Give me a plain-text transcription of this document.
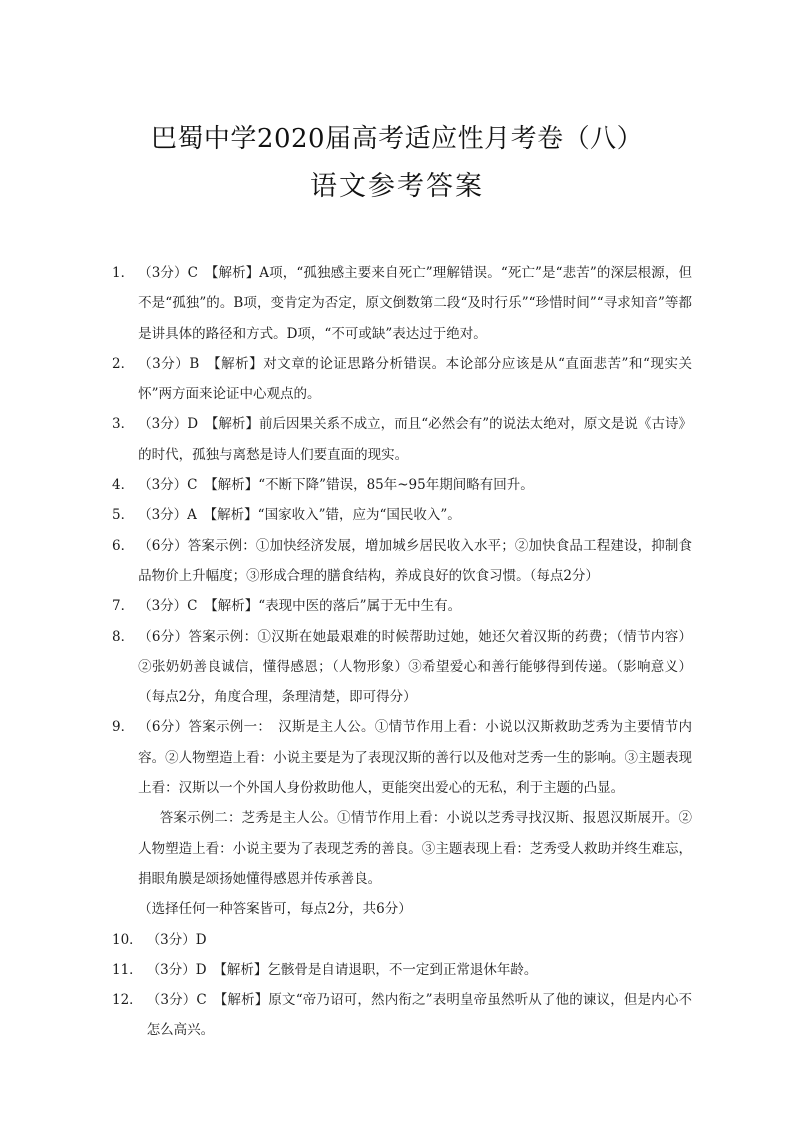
巴蜀中学2020届高考适应性月考卷（八）
语文参考答案
1． （3分）C　【解析】A项，“孤独感主要来自死亡”理解错误。“死亡”是“悲苦”的深层根源，但不是“孤独”的。B项，变肯定为否定，原文倒数第二段“及时行乐”“珍惜时间”“寻求知音”等都是讲具体的路径和方式。D项，“不可或缺”表达过于绝对。

2． （3分）B　【解析】对文章的论证思路分析错误。本论部分应该是从“直面悲苦”和“现实关怀”两方面来论证中心观点的。

3． （3分）D　【解析】前后因果关系不成立，而且“必然会有”的说法太绝对，原文是说《古诗》的时代，孤独与离愁是诗人们要直面的现实。

4． （3分）C　【解析】“不断下降”错误，85年~95年期间略有回升。

5． （3分）A　【解析】“国家收入”错，应为“国民收入”。

6． （6分）答案示例：①加快经济发展，增加城乡居民收入水平；②加快食品工程建设，抑制食品物价上升幅度；③形成合理的膳食结构，养成良好的饮食习惯。（每点2分）

7． （3分）C　【解析】“表现中医的落后”属于无中生有。

8． （6分）答案示例：①汉斯在她最艰难的时候帮助过她，她还欠着汉斯的药费；（情节内容）②张奶奶善良诚信，懂得感恩；（人物形象）③希望爱心和善行能够得到传递。（影响意义）（每点2分，角度合理，条理清楚，即可得分）

9． （6分）答案示例一：　汉斯是主人公。①情节作用上看：小说以汉斯救助芝秀为主要情节内容。②人物塑造上看：小说主要是为了表现汉斯的善行以及他对芝秀一生的影响。③主题表现上看：汉斯以一个外国人身份救助他人，更能突出爱心的无私，利于主题的凸显。

答案示例二：芝秀是主人公。①情节作用上看：小说以芝秀寻找汉斯、报恩汉斯展开。②人物塑造上看：小说主要为了表现芝秀的善良。③主题表现上看：芝秀受人救助并终生难忘，捐眼角膜是颂扬她懂得感恩并传承善良。

（选择任何一种答案皆可，每点2分，共6分）

10． （3分）D

11． （3分）D　【解析】乞骸骨是自请退职，不一定到正常退休年龄。

12． （3分）C　【解析】原文“帝乃诏可，然内衔之”表明皇帝虽然听从了他的谏议，但是内心不怎么高兴。
